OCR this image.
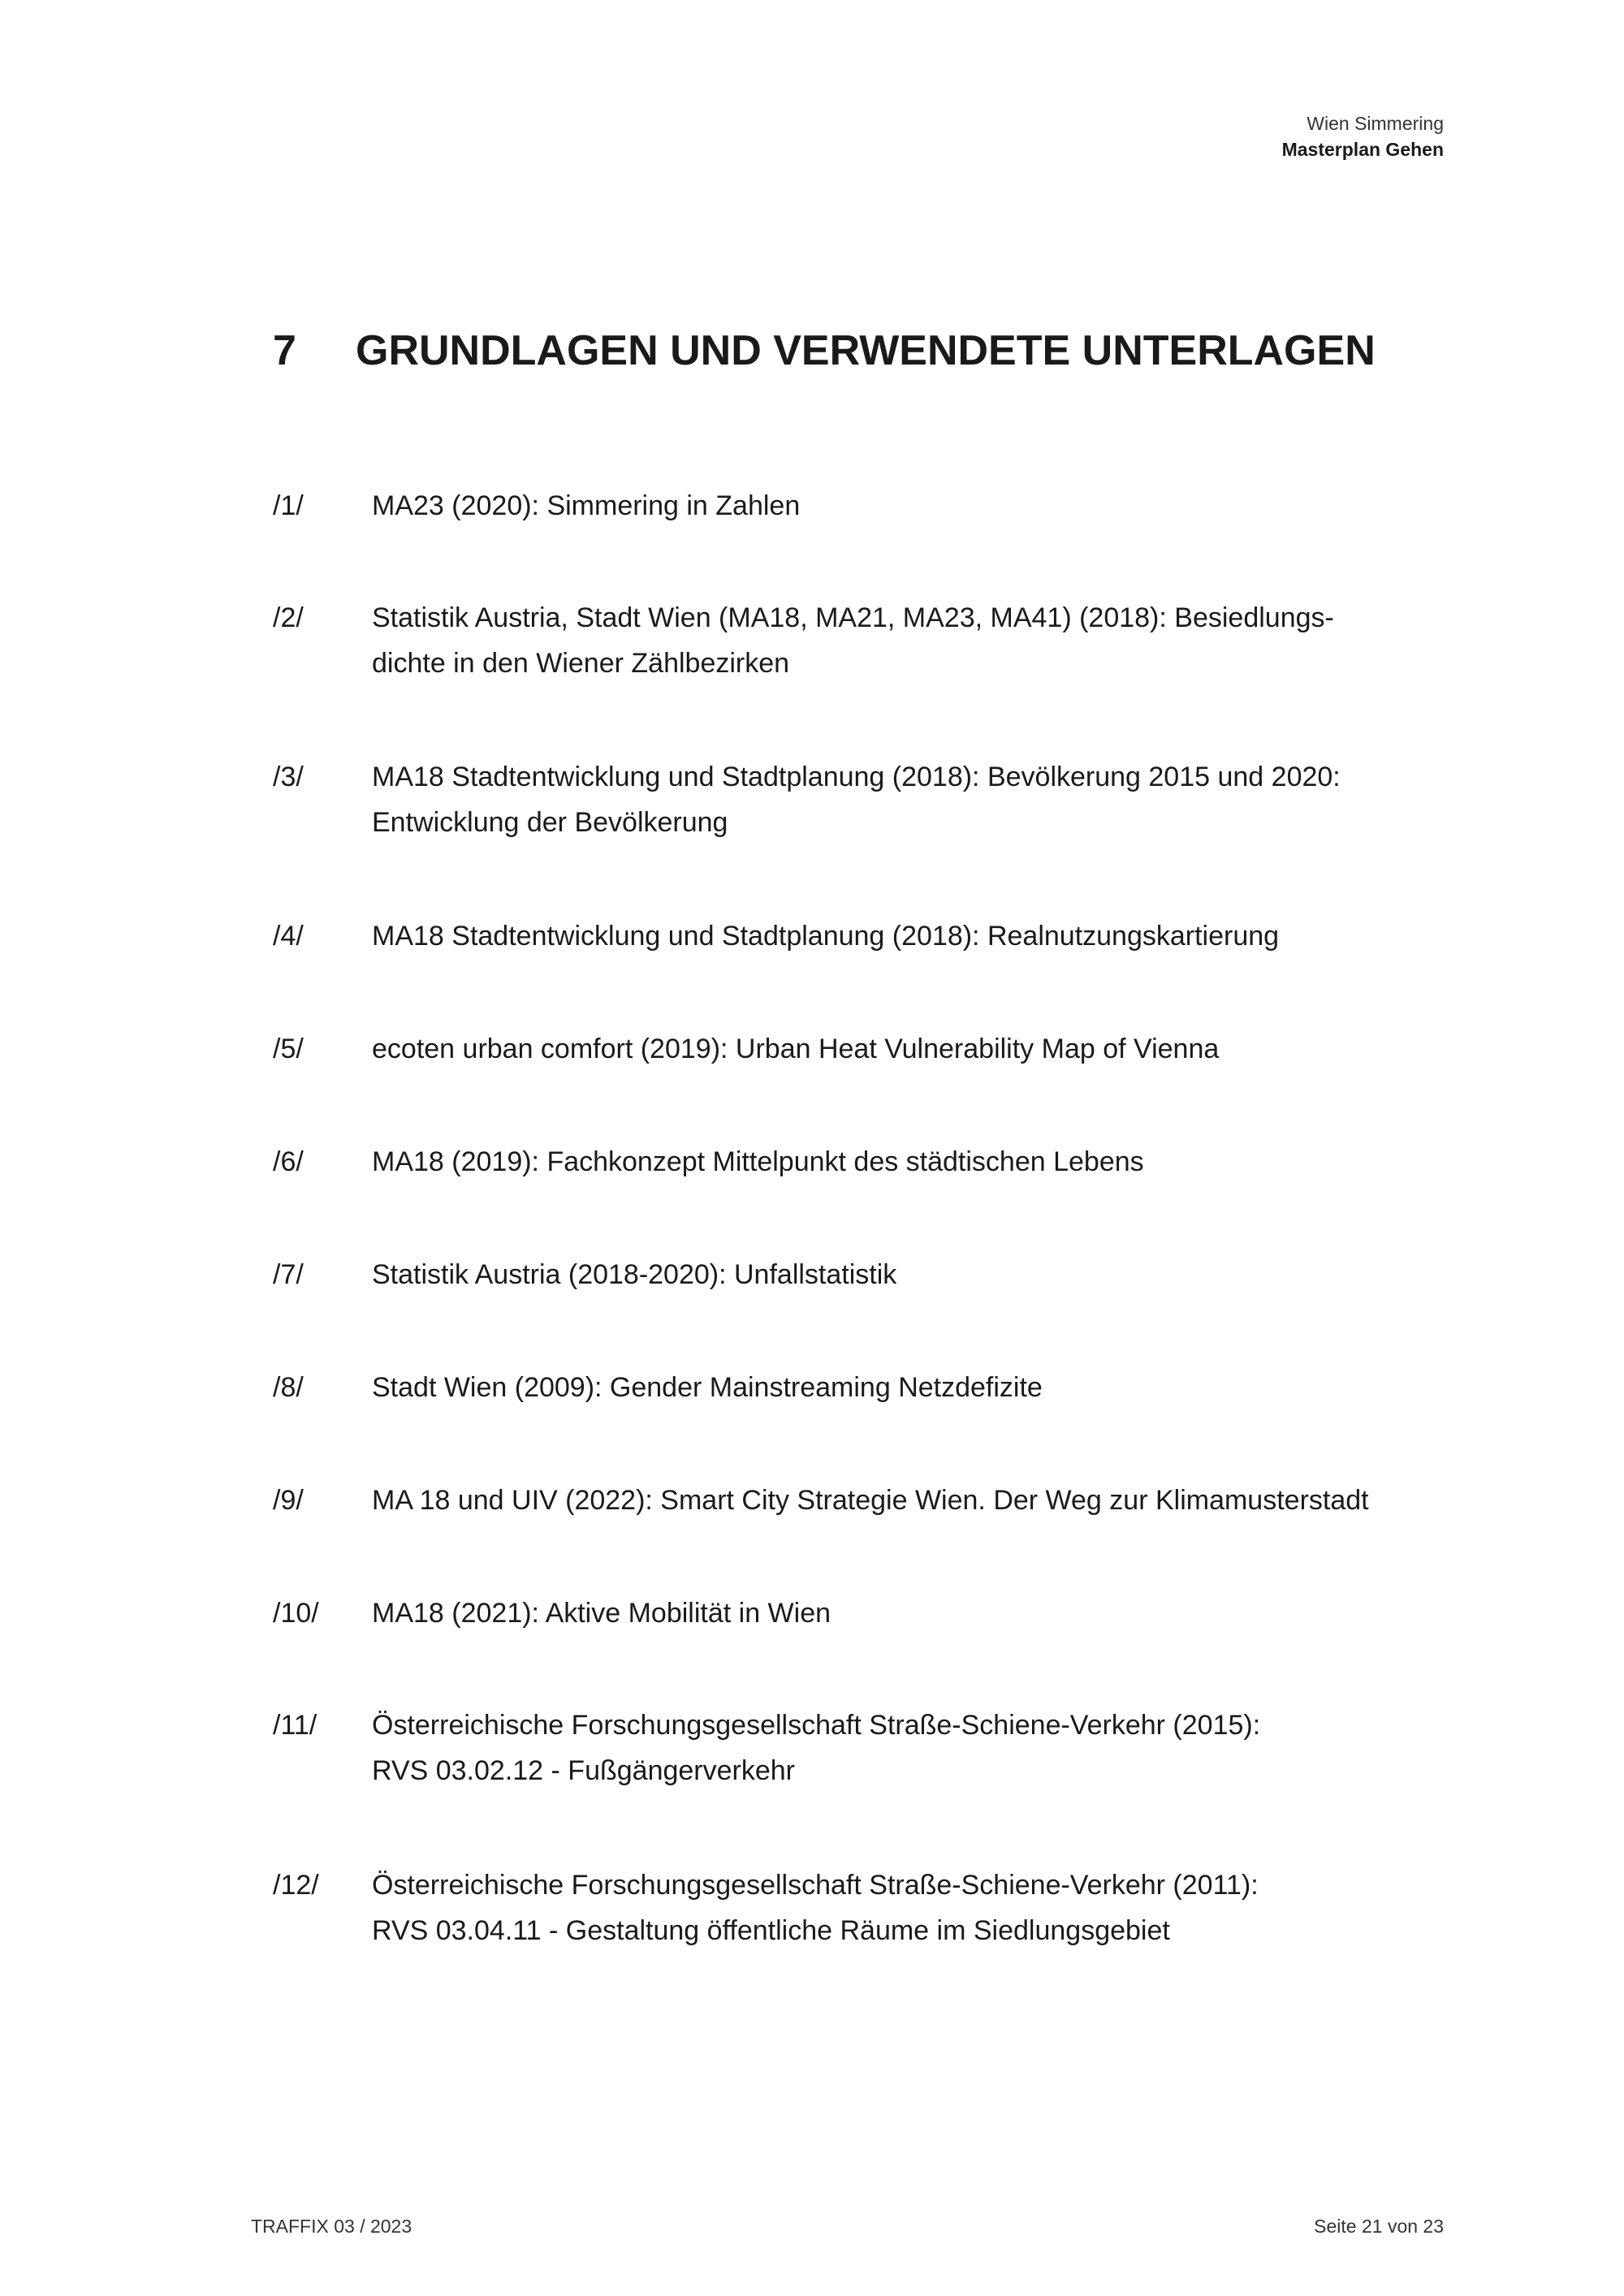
Wien Simmering
Masterplan Gehen
7 GRUNDLAGEN UND VERWENDETE UNTERLAGEN
/1/	MA23 (2020): Simmering in Zahlen
/2/	Statistik Austria, Stadt Wien (MA18, MA21, MA23, MA41) (2018): Besiedlungs-
dichte in den Wiener Zählbezirken
/3/	MA18 Stadtentwicklung und Stadtplanung (2018): Bevölkerung 2015 und 2020:
Entwicklung der Bevölkerung
/4/	MA18 Stadtentwicklung und Stadtplanung (2018): Realnutzungskartierung
/5/	ecoten urban comfort (2019): Urban Heat Vulnerability Map of Vienna
/6/	MA18 (2019): Fachkonzept Mittelpunkt des städtischen Lebens
/7/	Statistik Austria (2018-2020): Unfallstatistik
/8/	Stadt Wien (2009): Gender Mainstreaming Netzdefizite
/9/	MA 18 und UIV (2022): Smart City Strategie Wien. Der Weg zur Klimamusterstadt
/10/	MA18 (2021): Aktive Mobilität in Wien
/11/	Österreichische Forschungsgesellschaft Straße-Schiene-Verkehr (2015):
RVS 03.02.12 - Fußgängerverkehr
/12/	Österreichische Forschungsgesellschaft Straße-Schiene-Verkehr (2011):
RVS 03.04.11 - Gestaltung öffentliche Räume im Siedlungsgebiet
TRAFFIX 03 / 2023	Seite 21 von 23
